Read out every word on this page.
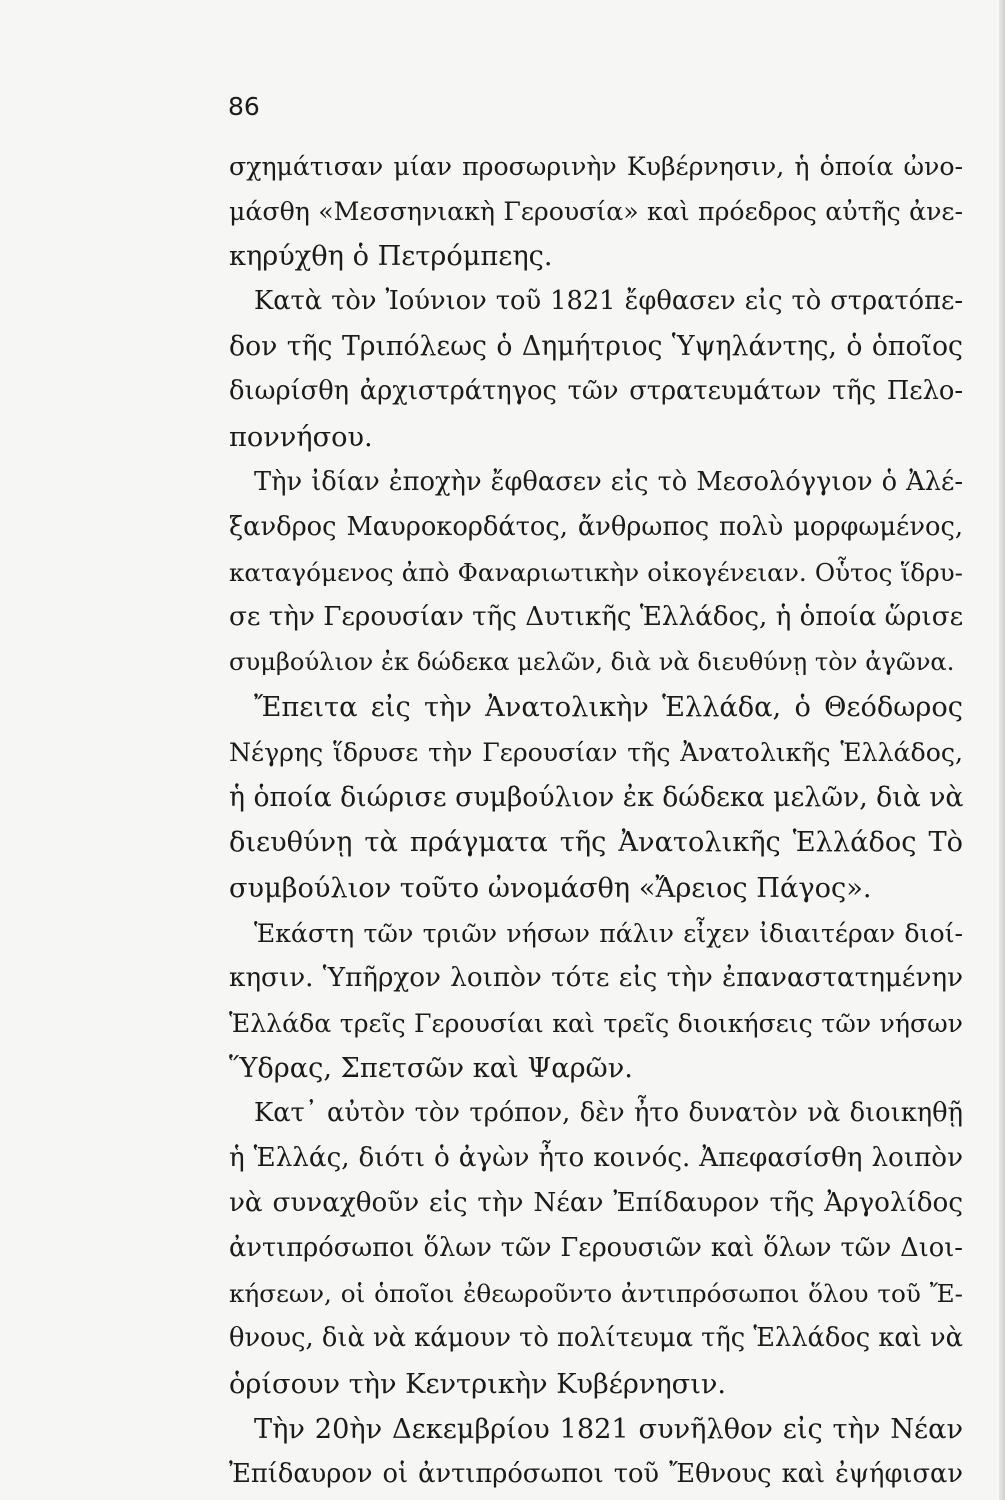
86
σχημάτισαν μίαν προσωρινὴν Κυβέρνησιν, ἡ ὁποία ὠνο-
μάσθη «Μεσσηνιακὴ Γερουσία» καὶ πρόεδρος αὐτῆς ἀνε-
κηρύχθη ὁ Πετρόμπεης.
Κατὰ τὸν Ἰούνιον τοῦ 1821 ἔφθασεν εἰς τὸ στρατόπε-
δον τῆς Τριπόλεως ὁ Δημήτριος Ὑψηλάντης, ὁ ὁποῖος
διωρίσθη ἀρχιστράτηγος τῶν στρατευμάτων τῆς Πελο-
ποννήσου.
Τὴν ἰδίαν ἐποχὴν ἔφθασεν εἰς τὸ Μεσολόγγιον ὁ Ἀλέ-
ξανδρος Μαυροκορδάτος, ἄνθρωπος πολὺ μορφωμένος,
καταγόμενος ἀπὸ Φαναριωτικὴν οἰκογένειαν. Οὗτος ἵδρυ-
σε τὴν Γερουσίαν τῆς Δυτικῆς Ἑλλάδος, ἡ ὁποία ὥρισε
συμβούλιον ἐκ δώδεκα μελῶν, διὰ νὰ διευθύνῃ τὸν ἀγῶνα.
Ἔπειτα εἰς τὴν Ἀνατολικὴν Ἑλλάδα, ὁ Θεόδωρος
Νέγρης ἵδρυσε τὴν Γερουσίαν τῆς Ἀνατολικῆς Ἑλλάδος,
ἡ ὁποία διώρισε συμβούλιον ἐκ δώδεκα μελῶν, διὰ νὰ
διευθύνῃ τὰ πράγματα τῆς Ἀνατολικῆς Ἑλλάδος Τὸ
συμβούλιον τοῦτο ὠνομάσθη «Ἄρειος Πάγος».
Ἑκάστη τῶν τριῶν νήσων πάλιν εἶχεν ἰδιαιτέραν διοί-
κησιν. Ὑπῆρχον λοιπὸν τότε εἰς τὴν ἐπαναστατημένην
Ἑλλάδα τρεῖς Γερουσίαι καὶ τρεῖς διοικήσεις τῶν νήσων
Ὕδρας, Σπετσῶν καὶ Ψαρῶν.
Κατ᾽ αὐτὸν τὸν τρόπον, δὲν ἦτο δυνατὸν νὰ διοικηθῇ
ἡ Ἑλλάς, διότι ὁ ἀγὼν ἦτο κοινός. Ἀπεφασίσθη λοιπὸν
νὰ συναχθοῦν εἰς τὴν Νέαν Ἐπίδαυρον τῆς Ἀργολίδος
ἀντιπρόσωποι ὅλων τῶν Γερουσιῶν καὶ ὅλων τῶν Διοι-
κήσεων, οἱ ὁποῖοι ἐθεωροῦντο ἀντιπρόσωποι ὅλου τοῦ Ἔ-
θνους, διὰ νὰ κάμουν τὸ πολίτευμα τῆς Ἑλλάδος καὶ νὰ
ὁρίσουν τὴν Κεντρικὴν Κυβέρνησιν.
Τὴν 20ὴν Δεκεμβρίου 1821 συνῆλθον εἰς τὴν Νέαν
Ἐπίδαυρον οἱ ἀντιπρόσωποι τοῦ Ἔθνους καὶ ἐψήφισαν
